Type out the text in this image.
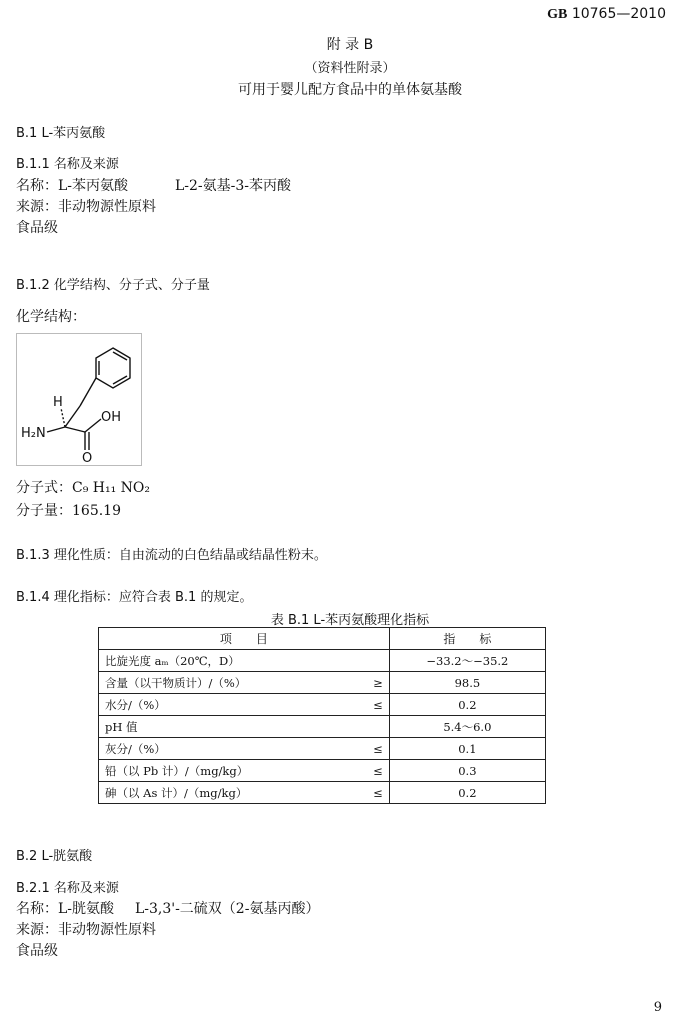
GB 10765—2010
附 录 B
（资料性附录）
可用于婴儿配方食品中的单体氨基酸
B.1 L-苯丙氨酸
B.1.1 名称及来源
名称：L-苯丙氨酸	L-2-氨基-3-苯丙酸
来源：非动物源性原料
食品级
B.1.2 化学结构、分子式、分子量
化学结构：
H
H₂N
OH
O
分子式：C₉ H₁₁ NO₂
分子量：165.19
B.1.3 理化性质：自由流动的白色结晶或结晶性粉末。
B.1.4 理化指标：应符合表 B.1 的规定。
表 B.1 L-苯丙氨酸理化指标
项　　目		指　　标
比旋光度 aₘ（20℃，D）		−33.2～−35.2
含量（以干物质计）/（%）	≥	98.5
水分/（%）	≤	0.2
pH 值		5.4～6.0
灰分/（%）	≤	0.1
铅（以 Pb 计）/（mg/kg）	≤	0.3
砷（以 As 计）/（mg/kg）	≤	0.2
B.2 L-胱氨酸
B.2.1 名称及来源
名称：L-胱氨酸 L-3,3'-二硫双（2-氨基丙酸）
来源：非动物源性原料
食品级
9
